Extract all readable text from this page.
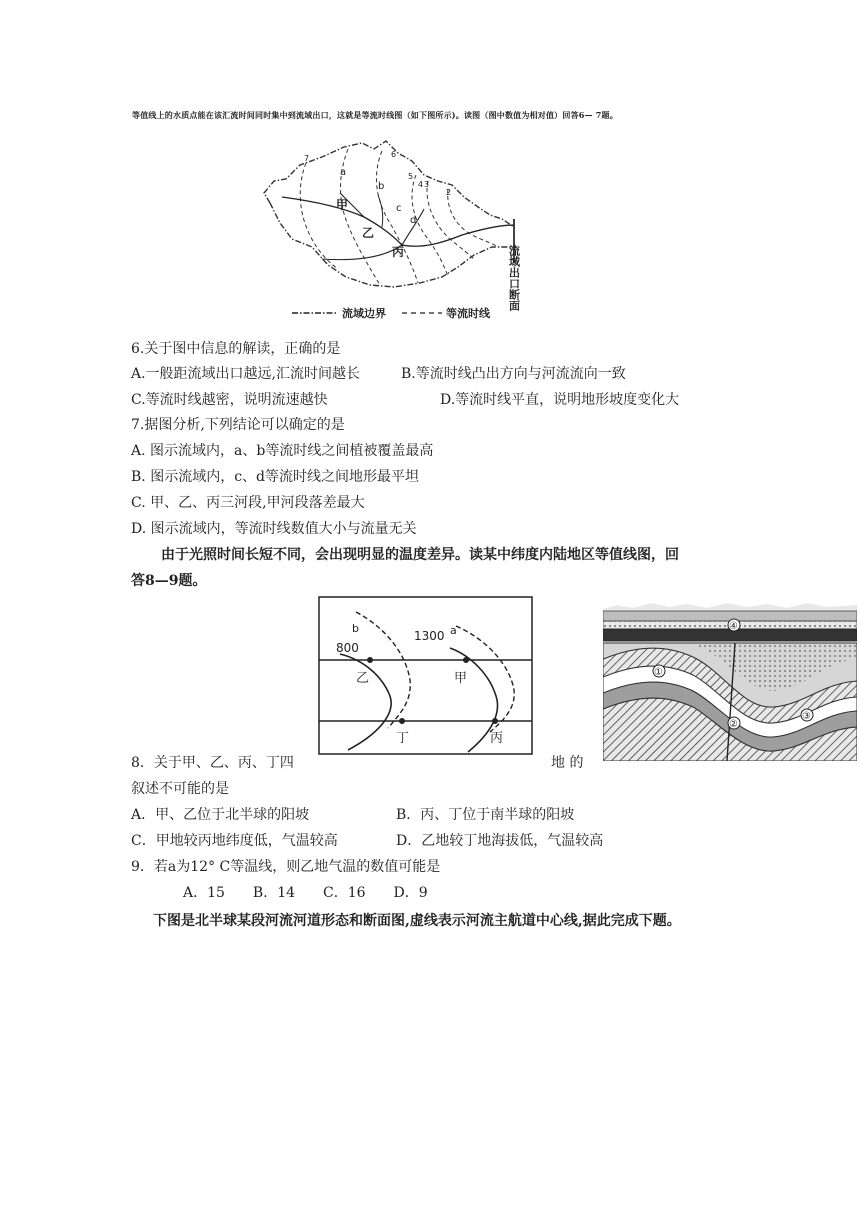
等值线上的水质点能在该汇流时间同时集中到流域出口，这就是等流时线图（如下图所示)。读图（图中数值为相对值）回答6— 7题。
7	6
5
4 3
2
a
b
c
d
甲
乙
丙	流域出口断面
流域边界	等流时线
6.关于图中信息的解读，正确的是
A.一般距流域出口越远,汇流时间越长	B.等流时线凸出方向与河流流向一致
C.等流时线越密，说明流速越快	D.等流时线平直，说明地形坡度变化大
7.据图分析,下列结论可以确定的是
A. 图示流域内，a、b等流时线之间植被覆盖最高
B. 图示流域内，c、d等流时线之间地形最平坦
C. 甲、乙、丙三河段,甲河段落差最大
D. 图示流域内，等流时线数值大小与流量无关
由于光照时间长短不同，会出现明显的温度差异。读某中纬度内陆地区等值线图，回
答8—9题。
800
1300
b	a
乙	甲
丁	丙
④
①
②
③
8．关于甲、乙、丙、丁四	地 的
叙述不可能的是
A．甲、乙位于北半球的阳坡	B．丙、丁位于南半球的阳坡
C．甲地较丙地纬度低，气温较高	D．乙地较丁地海拔低，气温较高
9．若a为12° C等温线，则乙地气温的数值可能是
A．15　　B．14　　C．16　　D．9
下图是北半球某段河流河道形态和断面图,虚线表示河流主航道中心线,据此完成下题。
